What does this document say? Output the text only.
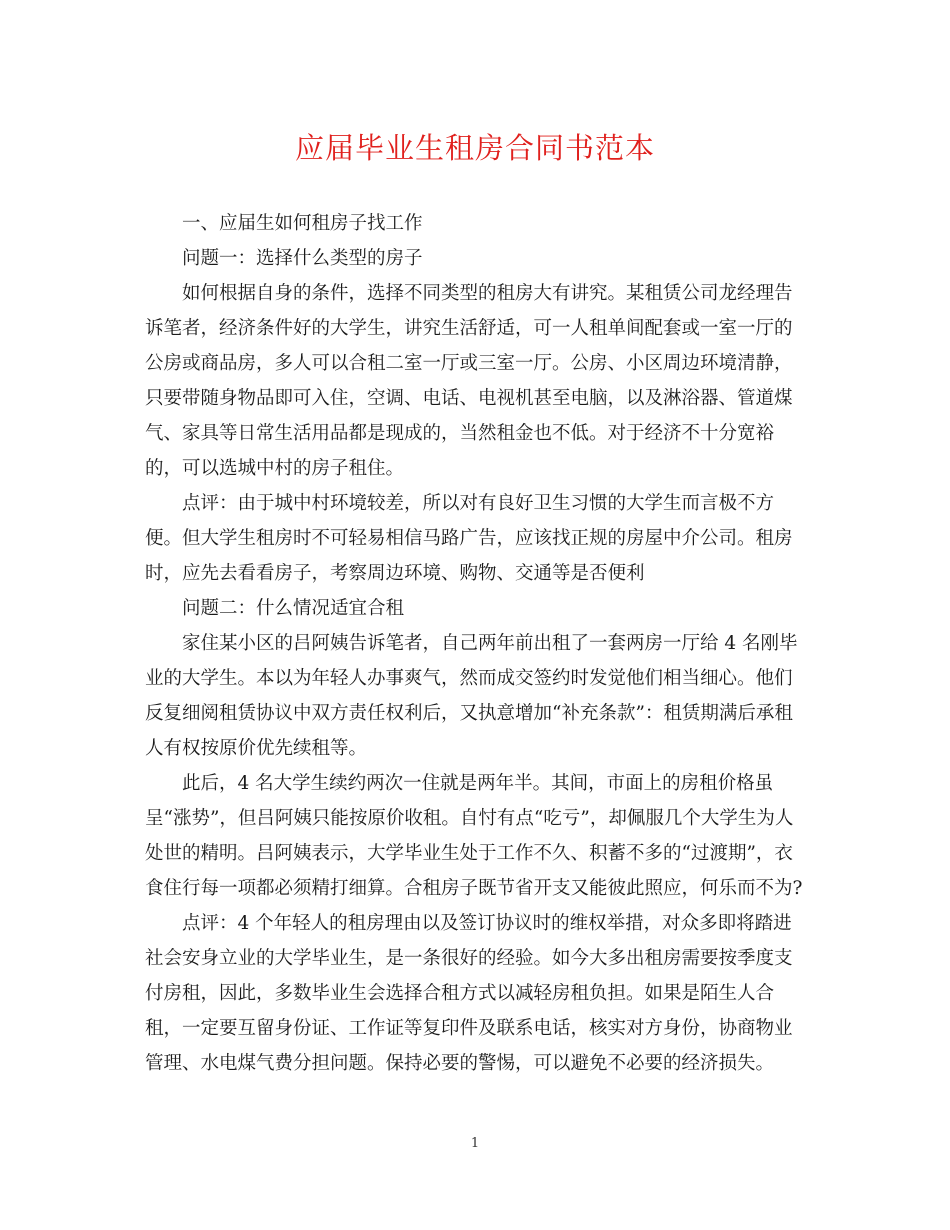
应届毕业生租房合同书范本

一、应届生如何租房子找工作

问题一：选择什么类型的房子

如何根据自身的条件，选择不同类型的租房大有讲究。某租赁公司龙经理告
诉笔者，经济条件好的大学生，讲究生活舒适，可一人租单间配套或一室一厅的
公房或商品房，多人可以合租二室一厅或三室一厅。公房、小区周边环境清静，
只要带随身物品即可入住，空调、电话、电视机甚至电脑，以及淋浴器、管道煤
气、家具等日常生活用品都是现成的，当然租金也不低。对于经济不十分宽裕
的，可以选城中村的房子租住。

点评：由于城中村环境较差，所以对有良好卫生习惯的大学生而言极不方
便。但大学生租房时不可轻易相信马路广告，应该找正规的房屋中介公司。租房
时，应先去看看房子，考察周边环境、购物、交通等是否便利

问题二：什么情况适宜合租

家住某小区的吕阿姨告诉笔者，自己两年前出租了一套两房一厅给 4 名刚毕
业的大学生。本以为年轻人办事爽气，然而成交签约时发觉他们相当细心。他们
反复细阅租赁协议中双方责任权利后，又执意增加“补充条款”：租赁期满后承租
人有权按原价优先续租等。

此后，4 名大学生续约两次一住就是两年半。其间，市面上的房租价格虽
呈“涨势”，但吕阿姨只能按原价收租。自忖有点“吃亏”，却佩服几个大学生为人
处世的精明。吕阿姨表示，大学毕业生处于工作不久、积蓄不多的“过渡期”，衣
食住行每一项都必须精打细算。合租房子既节省开支又能彼此照应，何乐而不为?

点评：4 个年轻人的租房理由以及签订协议时的维权举措，对众多即将踏进
社会安身立业的大学毕业生，是一条很好的经验。如今大多出租房需要按季度支
付房租，因此，多数毕业生会选择合租方式以减轻房租负担。如果是陌生人合
租，一定要互留身份证、工作证等复印件及联系电话，核实对方身份，协商物业
管理、水电煤气费分担问题。保持必要的警惕，可以避免不必要的经济损失。

1
